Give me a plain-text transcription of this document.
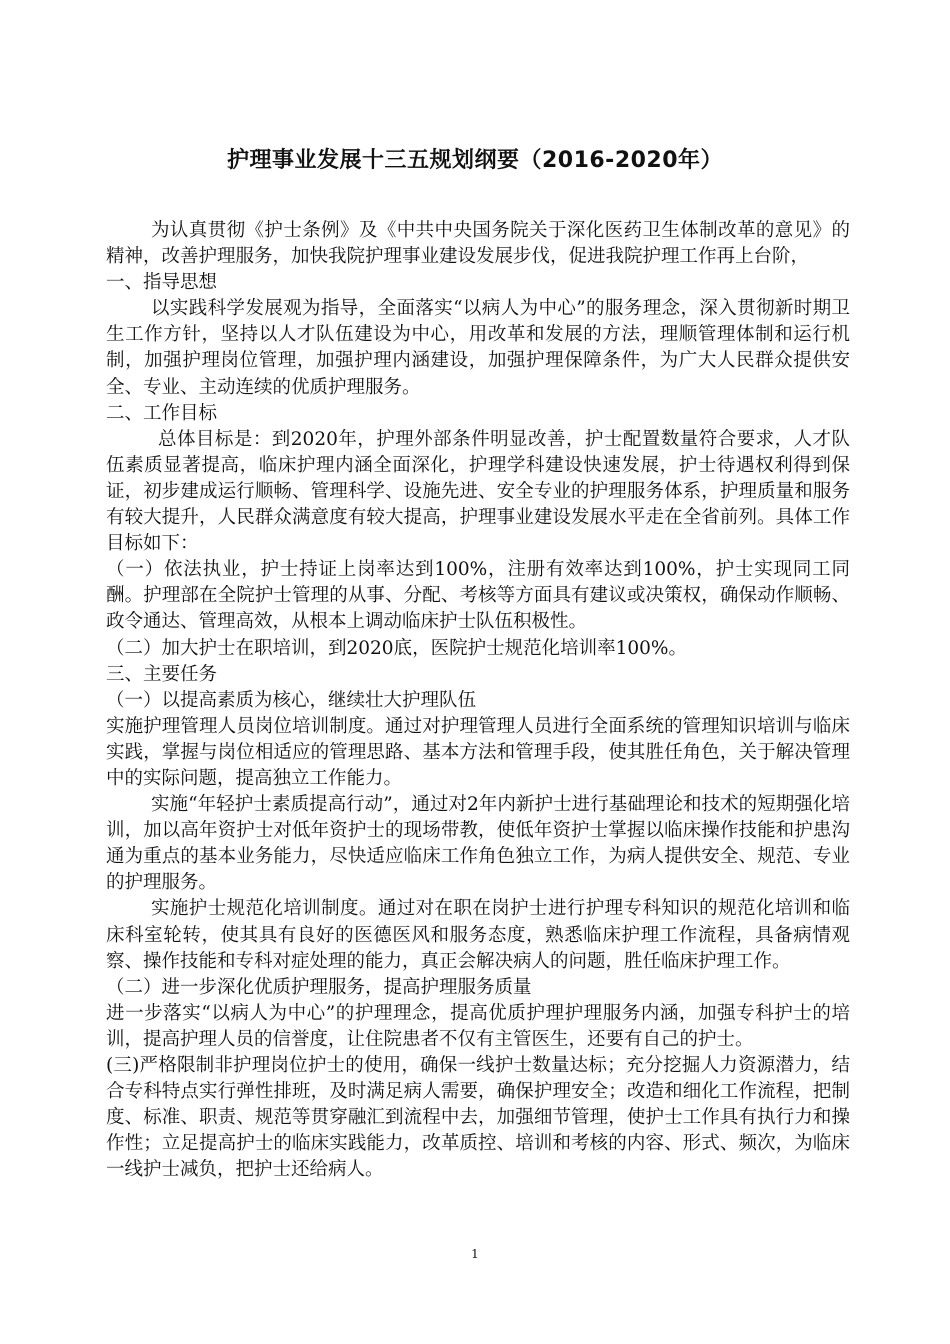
护理事业发展十三五规划纲要（2016-2020年）

为认真贯彻《护士条例》及《中共中央国务院关于深化医药卫生体制改革的意见》的精神，改善护理服务，加快我院护理事业建设发展步伐，促进我院护理工作再上台阶，

一、指导思想

以实践科学发展观为指导，全面落实“以病人为中心”的服务理念，深入贯彻新时期卫生工作方针，坚持以人才队伍建设为中心，用改革和发展的方法，理顺管理体制和运行机制，加强护理岗位管理，加强护理内涵建设，加强护理保障条件，为广大人民群众提供安全、专业、主动连续的优质护理服务。

二、工作目标

总体目标是：到2020年，护理外部条件明显改善，护士配置数量符合要求，人才队伍素质显著提高，临床护理内涵全面深化，护理学科建设快速发展，护士待遇权利得到保证，初步建成运行顺畅、管理科学、设施先进、安全专业的护理服务体系，护理质量和服务有较大提升，人民群众满意度有较大提高，护理事业建设发展水平走在全省前列。具体工作目标如下：

（一）依法执业，护士持证上岗率达到100%，注册有效率达到100%，护士实现同工同酬。护理部在全院护士管理的从事、分配、考核等方面具有建议或决策权，确保动作顺畅、政令通达、管理高效，从根本上调动临床护士队伍积极性。

（二）加大护士在职培训，到2020底，医院护士规范化培训率100%。

三、主要任务

（一）以提高素质为核心，继续壮大护理队伍

实施护理管理人员岗位培训制度。通过对护理管理人员进行全面系统的管理知识培训与临床实践，掌握与岗位相适应的管理思路、基本方法和管理手段，使其胜任角色，关于解决管理中的实际问题，提高独立工作能力。

实施“年轻护士素质提高行动”，通过对2年内新护士进行基础理论和技术的短期强化培训，加以高年资护士对低年资护士的现场带教，使低年资护士掌握以临床操作技能和护患沟通为重点的基本业务能力，尽快适应临床工作角色独立工作，为病人提供安全、规范、专业的护理服务。

实施护士规范化培训制度。通过对在职在岗护士进行护理专科知识的规范化培训和临床科室轮转，使其具有良好的医德医风和服务态度，熟悉临床护理工作流程，具备病情观察、操作技能和专科对症处理的能力，真正会解决病人的问题，胜任临床护理工作。

（二）进一步深化优质护理服务，提高护理服务质量

进一步落实“以病人为中心”的护理理念，提高优质护理护理服务内涵，加强专科护士的培训，提高护理人员的信誉度，让住院患者不仅有主管医生，还要有自己的护士。

(三)严格限制非护理岗位护士的使用，确保一线护士数量达标；充分挖掘人力资源潜力，结合专科特点实行弹性排班，及时满足病人需要，确保护理安全；改造和细化工作流程，把制度、标准、职责、规范等贯穿融汇到流程中去，加强细节管理，使护士工作具有执行力和操作性；立足提高护士的临床实践能力，改革质控、培训和考核的内容、形式、频次，为临床一线护士减负，把护士还给病人。

1
